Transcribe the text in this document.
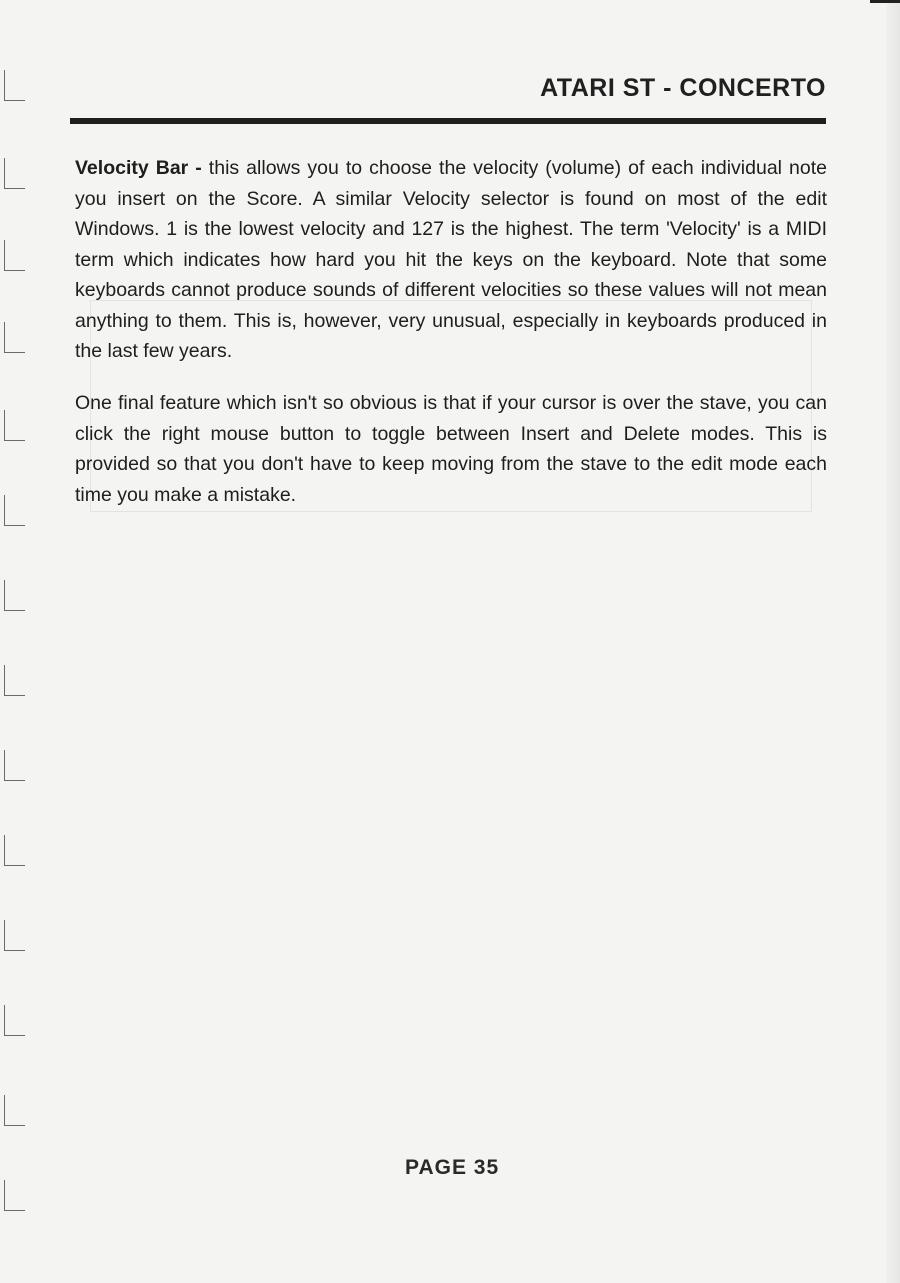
ATARI ST - CONCERTO
Velocity Bar - this allows you to choose the velocity (volume) of each individual note you insert on the Score. A similar Velocity selector is found on most of the edit Windows. 1 is the lowest velocity and 127 is the highest. The term 'Velocity' is a MIDI term which indicates how hard you hit the keys on the keyboard. Note that some keyboards cannot produce sounds of different velocities so these values will not mean anything to them. This is, however, very unusual, especially in keyboards produced in the last few years.
One final feature which isn't so obvious is that if your cursor is over the stave, you can click the right mouse button to toggle between Insert and Delete modes. This is provided so that you don't have to keep moving from the stave to the edit mode each time you make a mistake.
PAGE 35
